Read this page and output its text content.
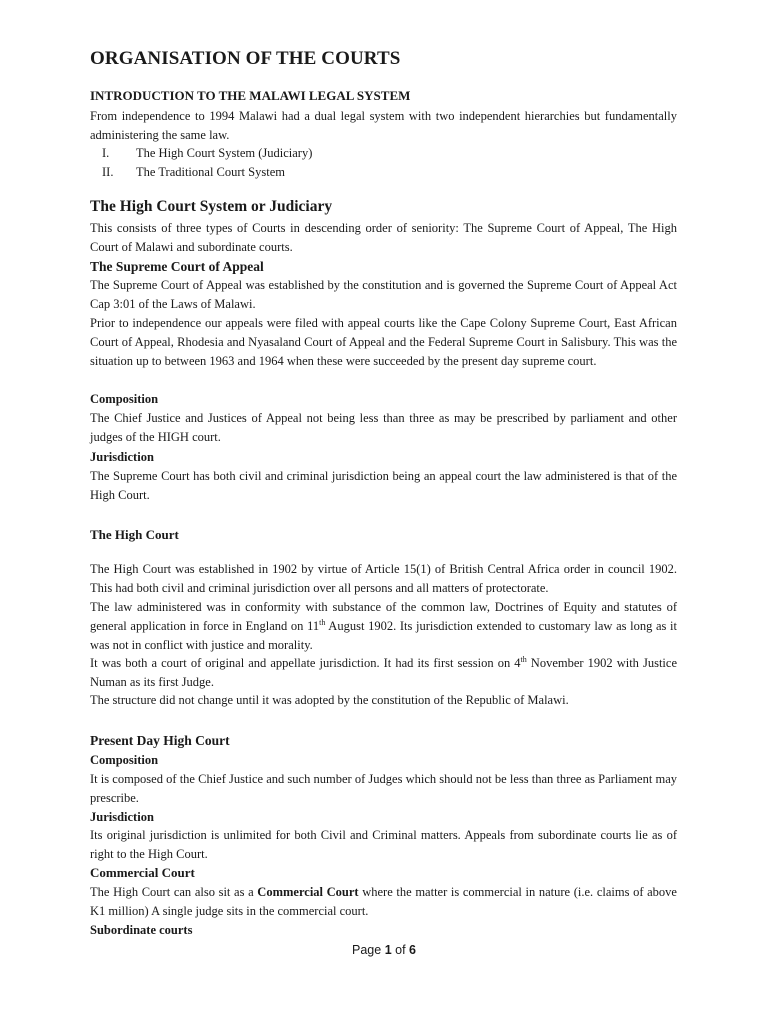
ORGANISATION OF THE COURTS
INTRODUCTION TO THE MALAWI LEGAL SYSTEM

From independence to 1994 Malawi had a dual legal system with two independent hierarchies but fundamentally administering the same law.

I.	The High Court System (Judiciary)
II.	The Traditional Court System
The High Court System or Judiciary

This consists of three types of Courts in descending order of seniority: The Supreme Court of Appeal, The High Court of Malawi and subordinate courts.

The Supreme Court of Appeal

The Supreme Court of Appeal was established by the constitution and is governed the Supreme Court of Appeal Act Cap 3:01 of the Laws of Malawi.

Prior to independence our appeals were filed with appeal courts like the Cape Colony Supreme Court, East African Court of Appeal, Rhodesia and Nyasaland Court of Appeal and the Federal Supreme Court in Salisbury. This was the situation up to between 1963 and 1964 when these were succeeded by the present day supreme court.

Composition

The Chief Justice and Justices of Appeal not being less than three as may be prescribed by parliament and other judges of the HIGH court.

Jurisdiction

The Supreme Court has both civil and criminal jurisdiction being an appeal court the law administered is that of the High Court.

The High Court

The High Court was established in 1902 by virtue of Article 15(1) of British Central Africa order in council 1902. This had both civil and criminal jurisdiction over all persons and all matters of protectorate.

The law administered was in conformity with substance of the common law, Doctrines of Equity and statutes of general application in force in England on 11th August 1902. Its jurisdiction extended to customary law as long as it was not in conflict with justice and morality.

It was both a court of original and appellate jurisdiction. It had its first session on 4th November 1902 with Justice Numan as its first Judge.

The structure did not change until it was adopted by the constitution of the Republic of Malawi.

Present Day High Court
Composition

It is composed of the Chief Justice and such number of Judges which should not be less than three as Parliament may prescribe.

Jurisdiction

Its original jurisdiction is unlimited for both Civil and Criminal matters. Appeals from subordinate courts lie as of right to the High Court.

Commercial Court

The High Court can also sit as a Commercial Court where the matter is commercial in nature (i.e. claims of above K1 million) A single judge sits in the commercial court.

Subordinate courts
Page 1 of 6
